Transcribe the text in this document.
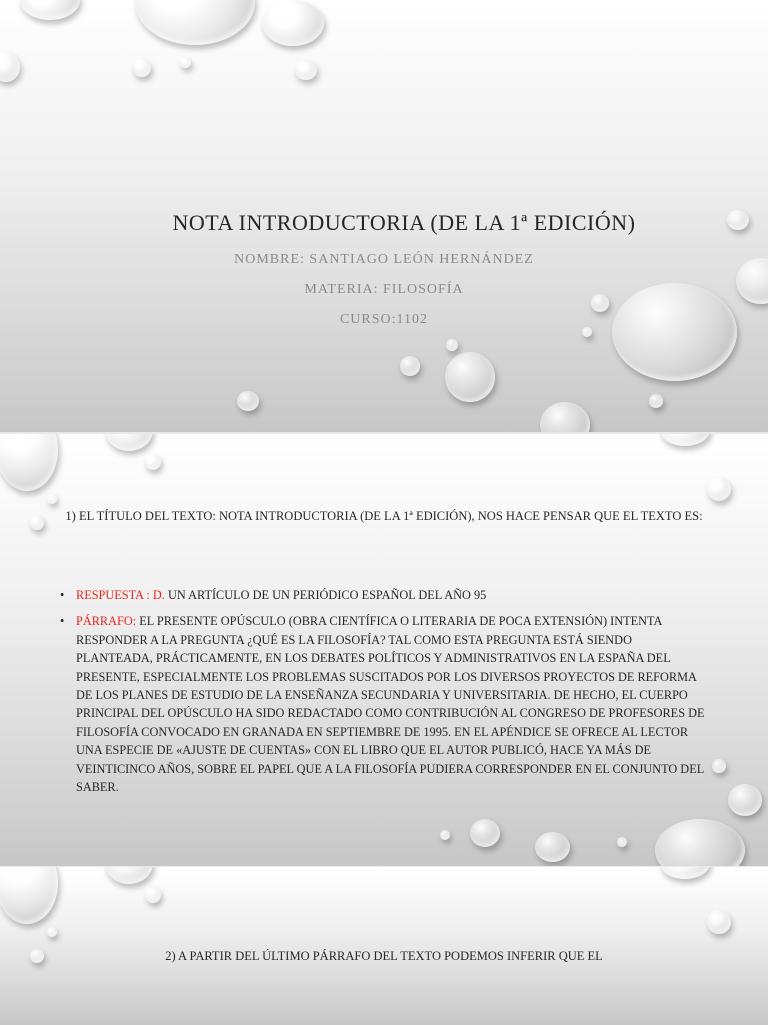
NOTA INTRODUCTORIA (DE LA 1ª EDICIÓN)
NOMBRE: SANTIAGO LEÓN HERNÁNDEZ
MATERIA: FILOSOFÍA
CURSO:1102
1) EL TÍTULO DEL TEXTO: NOTA INTRODUCTORIA (DE LA 1ª EDICIÓN), NOS HACE PENSAR QUE EL TEXTO ES:
• RESPUESTA : D. UN ARTÍCULO DE UN PERIÓDICO ESPAÑOL DEL AÑO 95
• PÁRRAFO: EL PRESENTE OPÚSCULO (OBRA CIENTÍFICA O LITERARIA DE POCA EXTENSIÓN) INTENTA RESPONDER A LA PREGUNTA ¿QUÉ ES LA FILOSOFÍA? TAL COMO ESTA PREGUNTA ESTÁ SIENDO PLANTEADA, PRÁCTICAMENTE, EN LOS DEBATES POLÍTICOS Y ADMINISTRATIVOS EN LA ESPAÑA DEL PRESENTE, ESPECIALMENTE LOS PROBLEMAS SUSCITADOS POR LOS DIVERSOS PROYECTOS DE REFORMA DE LOS PLANES DE ESTUDIO DE LA ENSEÑANZA SECUNDARIA Y UNIVERSITARIA. DE HECHO, EL CUERPO PRINCIPAL DEL OPÚSCULO HA SIDO REDACTADO COMO CONTRIBUCIÓN AL CONGRESO DE PROFESORES DE FILOSOFÍA CONVOCADO EN GRANADA EN SEPTIEMBRE DE 1995. EN EL APÉNDICE SE OFRECE AL LECTOR UNA ESPECIE DE «AJUSTE DE CUENTAS» CON EL LIBRO QUE EL AUTOR PUBLICÓ, HACE YA MÁS DE VEINTICINCO AÑOS, SOBRE EL PAPEL QUE A LA FILOSOFÍA PUDIERA CORRESPONDER EN EL CONJUNTO DEL SABER.
2) A PARTIR DEL ÚLTIMO PÁRRAFO DEL TEXTO PODEMOS INFERIR QUE EL
